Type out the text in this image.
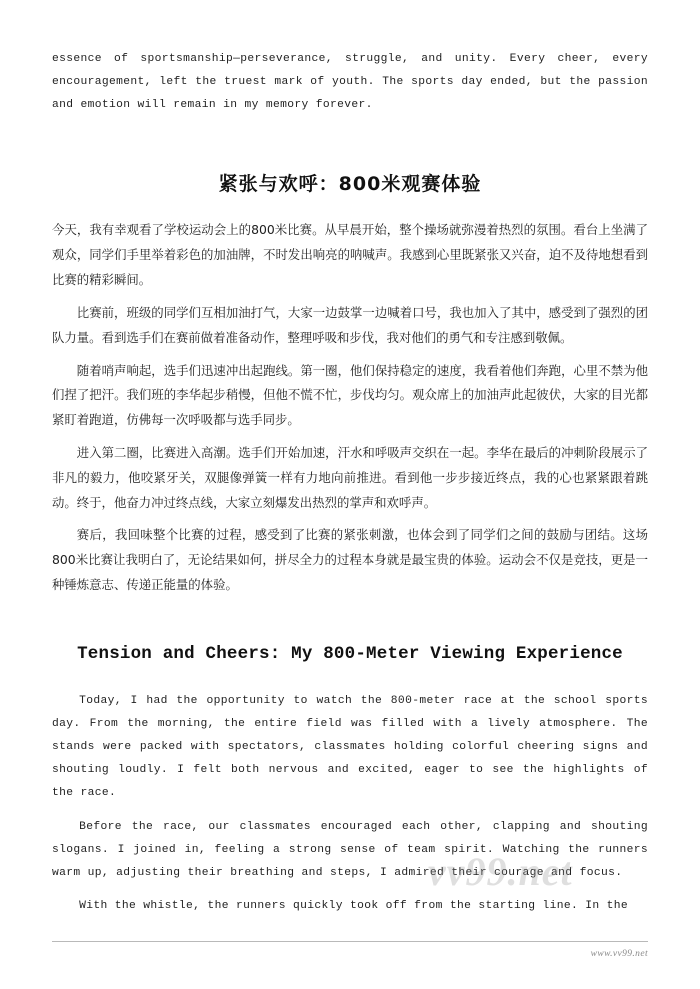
essence of sportsmanship—perseverance, struggle, and unity. Every cheer, every encouragement, left the truest mark of youth. The sports day ended, but the passion and emotion will remain in my memory forever.

紧张与欢呼：800米观赛体验

今天，我有幸观看了学校运动会上的800米比赛。从早晨开始，整个操场就弥漫着热烈的氛围。看台上坐满了观众，同学们手里举着彩色的加油牌，不时发出响亮的呐喊声。我感到心里既紧张又兴奋，迫不及待地想看到比赛的精彩瞬间。

比赛前，班级的同学们互相加油打气，大家一边鼓掌一边喊着口号，我也加入了其中，感受到了强烈的团队力量。看到选手们在赛前做着准备动作，整理呼吸和步伐，我对他们的勇气和专注感到敬佩。

随着哨声响起，选手们迅速冲出起跑线。第一圈，他们保持稳定的速度，我看着他们奔跑，心里不禁为他们捏了把汗。我们班的李华起步稍慢，但他不慌不忙，步伐均匀。观众席上的加油声此起彼伏，大家的目光都紧盯着跑道，仿佛每一次呼吸都与选手同步。

进入第二圈，比赛进入高潮。选手们开始加速，汗水和呼吸声交织在一起。李华在最后的冲刺阶段展示了非凡的毅力，他咬紧牙关，双腿像弹簧一样有力地向前推进。看到他一步步接近终点，我的心也紧紧跟着跳动。终于，他奋力冲过终点线，大家立刻爆发出热烈的掌声和欢呼声。

赛后，我回味整个比赛的过程，感受到了比赛的紧张刺激，也体会到了同学们之间的鼓励与团结。这场800米比赛让我明白了，无论结果如何，拼尽全力的过程本身就是最宝贵的体验。运动会不仅是竞技，更是一种锤炼意志、传递正能量的体验。

Tension and Cheers: My 800-Meter Viewing Experience

Today, I had the opportunity to watch the 800-meter race at the school sports day. From the morning, the entire field was filled with a lively atmosphere. The stands were packed with spectators, classmates holding colorful cheering signs and shouting loudly. I felt both nervous and excited, eager to see the highlights of the race.

Before the race, our classmates encouraged each other, clapping and shouting slogans. I joined in, feeling a strong sense of team spirit. Watching the runners warm up, adjusting their breathing and steps, I admired their courage and focus.

With the whistle, the runners quickly took off from the starting line. In the

vv99.net
www.vv99.net
